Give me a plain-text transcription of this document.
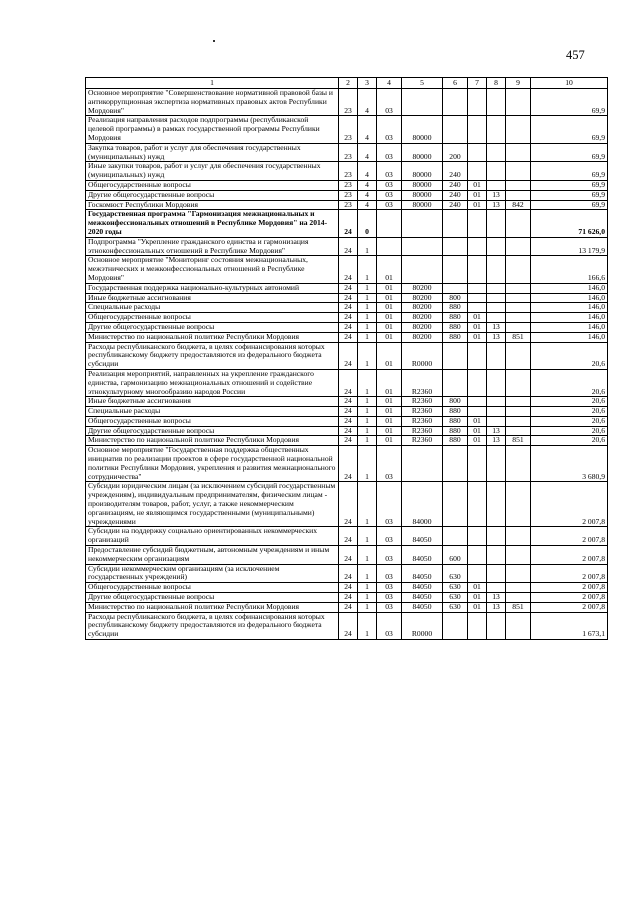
457
1	2	3	4	5	6	7	8	9	10
Основное мероприятие "Совершенствование нормативной правовой базы и антикоррупционная экспертиза нормативных правовых актов Республики Мордовия"	23	4	03						69,9
Реализация направления расходов подпрограммы (республиканской целевой программы) в рамках государственной программы Республики Мордовия	23	4	03	80000					69,9
Закупка товаров, работ и услуг для обеспечения государственных (муниципальных) нужд	23	4	03	80000	200				69,9
Иные закупки товаров, работ и услуг для обеспечения государственных (муниципальных) нужд	23	4	03	80000	240				69,9
Общегосударственные вопросы	23	4	03	80000	240	01			69,9
Другие общегосударственные вопросы	23	4	03	80000	240	01	13		69,9
Госкомюст Республики Мордовия	23	4	03	80000	240	01	13	842	69,9
Государственная программа "Гармонизация межнациональных и межконфессиональных отношений в Республике Мордовия" на 2014-2020 годы	24	0							71 626,0
Подпрограмма "Укрепление гражданского единства и гармонизация этноконфессиональных отношений в Республике Мордовия"	24	1							13 179,9
Основное мероприятие "Мониторинг состояния межнациональных, межэтнических и межконфессиональных отношений в Республике Мордовия"	24	1	01						166,6
Государственная поддержка национально-культурных автономий	24	1	01	80200					146,0
Иные бюджетные ассигнования	24	1	01	80200	800				146,0
Специальные расходы	24	1	01	80200	880				146,0
Общегосударственные вопросы	24	1	01	80200	880	01			146,0
Другие общегосударственные вопросы	24	1	01	80200	880	01	13		146,0
Министерство по национальной политике Республики Мордовия	24	1	01	80200	880	01	13	851	146,0
Расходы республиканского бюджета, в целях софинансирования которых республиканскому бюджету предоставляются из федерального бюджета субсидии	24	1	01	R0000					20,6
Реализация мероприятий, направленных на укрепление гражданского единства, гармонизацию межнациональных отношений и содействие этнокультурному многообразию народов России	24	1	01	R2360					20,6
Иные бюджетные ассигнования	24	1	01	R2360	800				20,6
Специальные расходы	24	1	01	R2360	880				20,6
Общегосударственные вопросы	24	1	01	R2360	880	01			20,6
Другие общегосударственные вопросы	24	1	01	R2360	880	01	13		20,6
Министерство по национальной политике Республики Мордовия	24	1	01	R2360	880	01	13	851	20,6
Основное мероприятие "Государственная поддержка общественных инициатив по реализации проектов в сфере государственной национальной политики Республики Мордовия, укрепления и развития межнационального сотрудничества"	24	1	03						3 680,9
Субсидии юридическим лицам (за исключением субсидий государственным учреждениям), индивидуальным предпринимателям, физическим лицам - производителям товаров, работ, услуг, а также некоммерческим организациям, не являющимся государственными (муниципальными) учреждениями	24	1	03	84000					2 007,8
Субсидии на поддержку социально ориентированных некоммерческих организаций	24	1	03	84050					2 007,8
Предоставление субсидий бюджетным, автономным учреждениям и иным некоммерческим организациям	24	1	03	84050	600				2 007,8
Субсидии некоммерческим организациям (за исключением государственных учреждений)	24	1	03	84050	630				2 007,8
Общегосударственные вопросы	24	1	03	84050	630	01			2 007,8
Другие общегосударственные вопросы	24	1	03	84050	630	01	13		2 007,8
Министерство по национальной политике Республики Мордовия	24	1	03	84050	630	01	13	851	2 007,8
Расходы республиканского бюджета, в целях софинансирования которых республиканскому бюджету предоставляются из федерального бюджета субсидии	24	1	03	R0000					1 673,1
